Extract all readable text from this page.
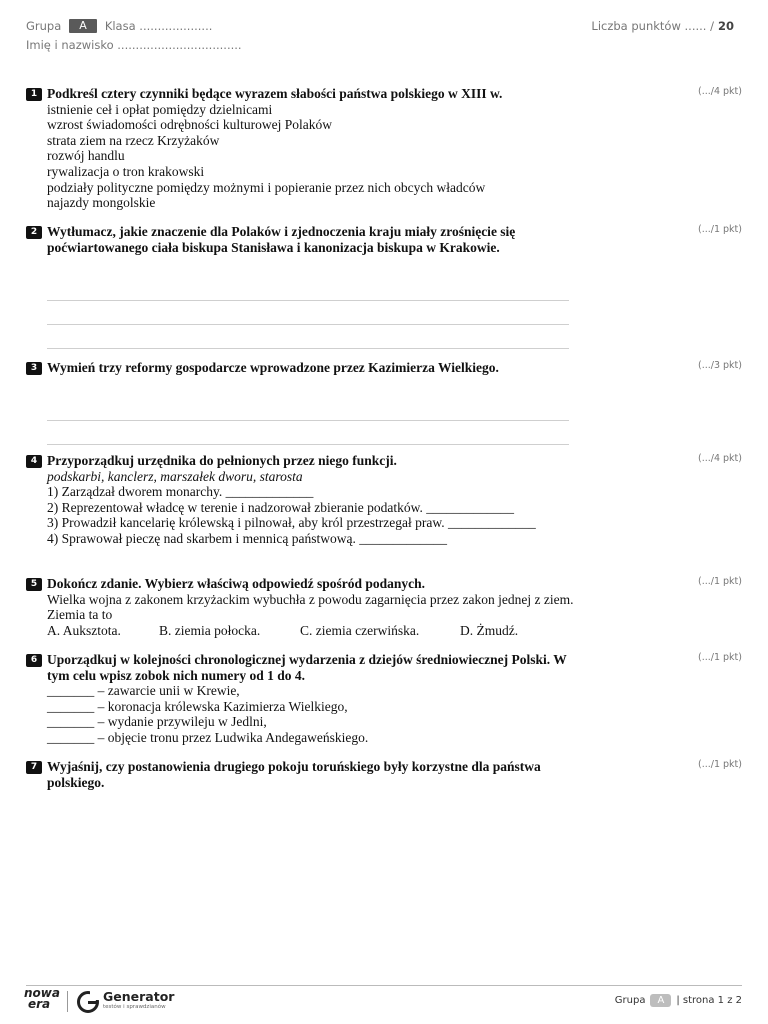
Grupa	A	Klasa ....................
Imię i nazwisko ..................................
Liczba punktów ...... / 20
1	(.../4 pkt)
Podkreśl cztery czynniki będące wyrazem słabości państwa polskiego w XIII w.
istnienie ceł i opłat pomiędzy dzielnicami
wzrost świadomości odrębności kulturowej Polaków
strata ziem na rzecz Krzyżaków
rozwój handlu
rywalizacja o tron krakowski
podziały polityczne pomiędzy możnymi i popieranie przez nich obcych władców
najazdy mongolskie
2	(.../1 pkt)
Wytłumacz, jakie znaczenie dla Polaków i zjednoczenia kraju miały zrośnięcie się poćwiartowanego ciała biskupa Stanisława i kanonizacja biskupa w Krakowie.
3	(.../3 pkt)
Wymień trzy reformy gospodarcze wprowadzone przez Kazimierza Wielkiego.
4	(.../4 pkt)
Przyporządkuj urzędnika do pełnionych przez niego funkcji.
podskarbi, kanclerz, marszałek dworu, starosta
1) Zarządzał dworem monarchy. _____________
2) Reprezentował władcę w terenie i nadzorował zbieranie podatków. _____________
3) Prowadził kancelarię królewską i pilnował, aby król przestrzegał praw. _____________
4) Sprawował pieczę nad skarbem i mennicą państwową. _____________
5	(.../1 pkt)
Dokończ zdanie. Wybierz właściwą odpowiedź spośród podanych.
Wielka wojna z zakonem krzyżackim wybuchła z powodu zagarnięcia przez zakon jednej z ziem. Ziemia ta to
A. Auksztota.	B. ziemia połocka.	C. ziemia czerwińska.	D. Żmudź.
6	(.../1 pkt)
Uporządkuj w kolejności chronologicznej wydarzenia z dziejów średniowiecznej Polski. W tym celu wpisz zobok nich numery od 1 do 4.
_______ – zawarcie unii w Krewie,
_______ – koronacja królewska Kazimierza Wielkiego,
_______ – wydanie przywileju w Jedlni,
_______ – objęcie tronu przez Ludwika Andegaweńskiego.
7	(.../1 pkt)
Wyjaśnij, czy postanowienia drugiego pokoju toruńskiego były korzystne dla państwa polskiego.
nowa
era	Generator
testów i sprawdzianów
Grupa	A	| strona 1 z 2
